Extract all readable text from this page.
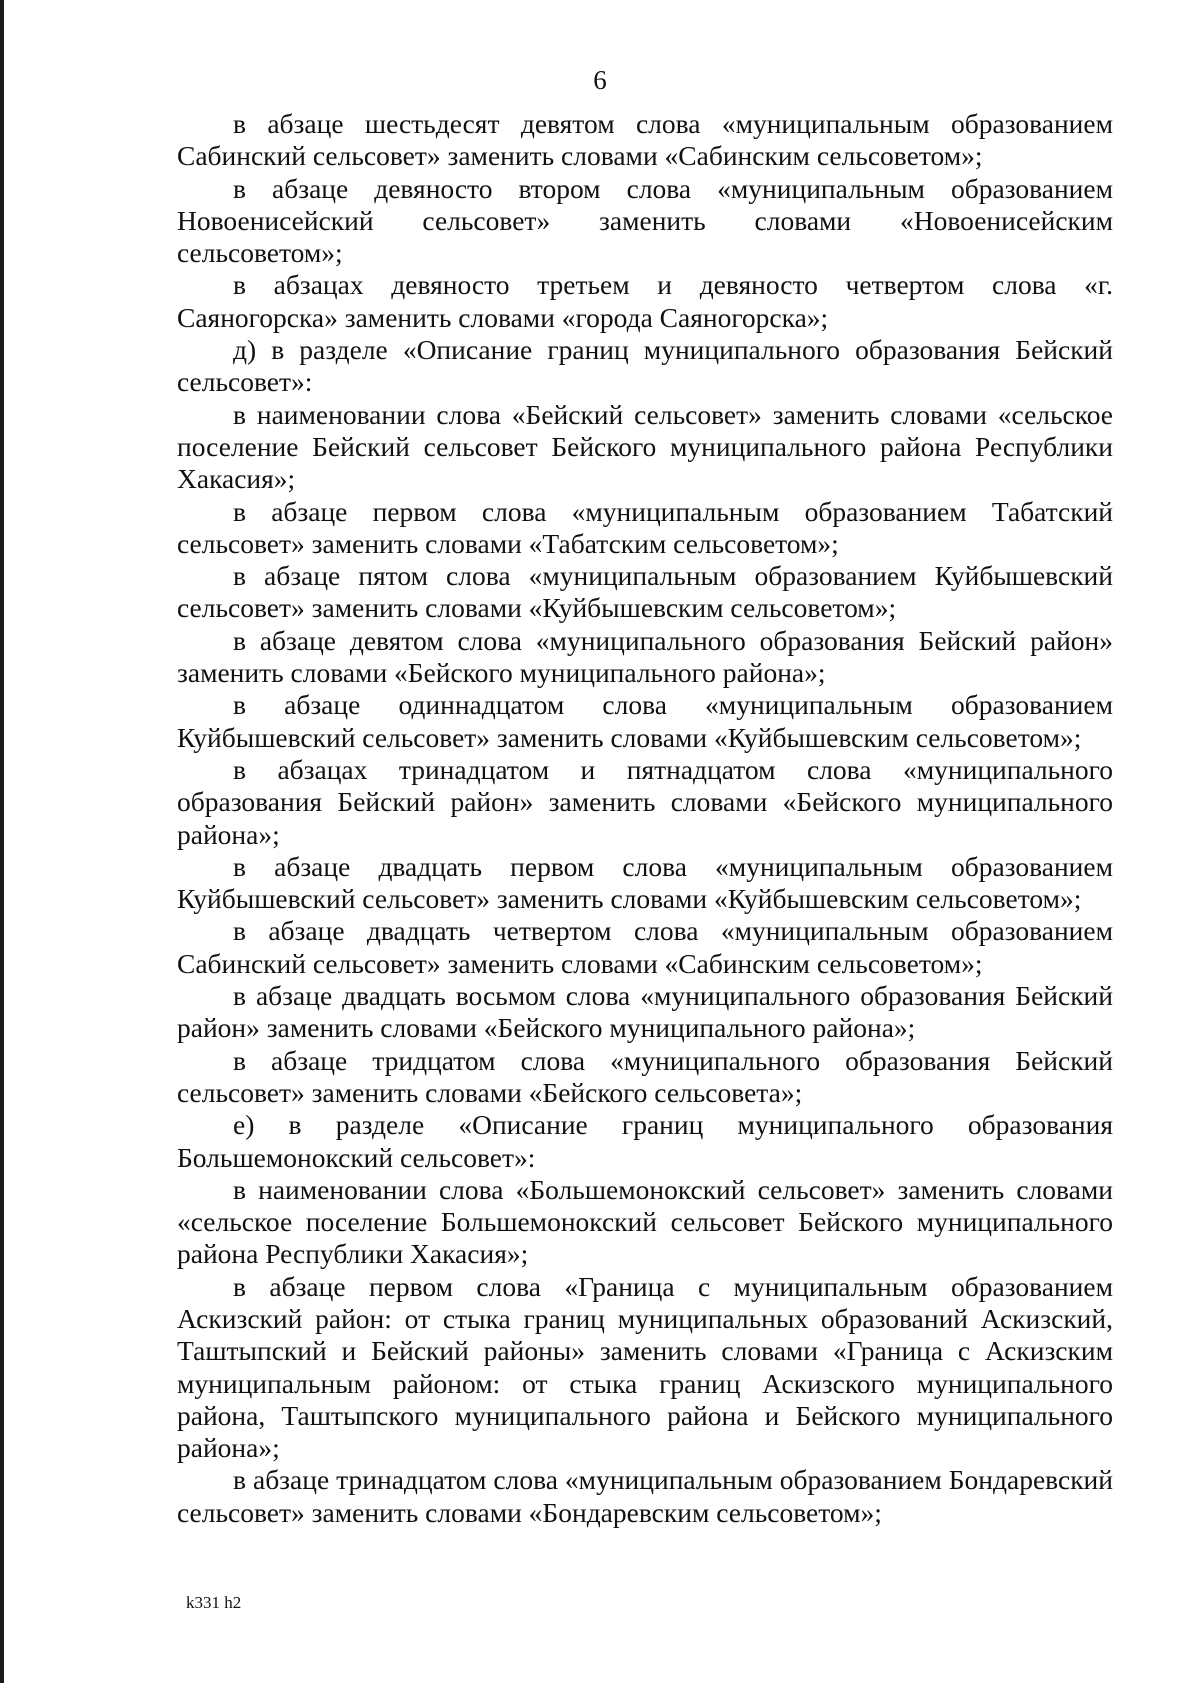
6

в абзаце шестьдесят девятом слова «муниципальным образованием Сабинский сельсовет» заменить словами «Сабинским сельсоветом»;

в абзаце девяносто втором слова «муниципальным образованием Новоенисейский сельсовет» заменить словами «Новоенисейским сельсоветом»;

в абзацах девяносто третьем и девяносто четвертом слова «г. Саяногорска» заменить словами «города Саяногорска»;

д) в разделе «Описание границ муниципального образования Бейский сельсовет»:

в наименовании слова «Бейский сельсовет» заменить словами «сельское поселение Бейский сельсовет Бейского муниципального района Республики Хакасия»;

в абзаце первом слова «муниципальным образованием Табатский сельсовет» заменить словами «Табатским сельсоветом»;

в абзаце пятом слова «муниципальным образованием Куйбышевский сельсовет» заменить словами «Куйбышевским сельсоветом»;

в абзаце девятом слова «муниципального образования Бейский район» заменить словами «Бейского муниципального района»;

в абзаце одиннадцатом слова «муниципальным образованием Куйбышевский сельсовет» заменить словами «Куйбышевским сельсоветом»;

в абзацах тринадцатом и пятнадцатом слова «муниципального образования Бейский район» заменить словами «Бейского муниципального района»;

в абзаце двадцать первом слова «муниципальным образованием Куйбышевский сельсовет» заменить словами «Куйбышевским сельсоветом»;

в абзаце двадцать четвертом слова «муниципальным образованием Сабинский сельсовет» заменить словами «Сабинским сельсоветом»;

в абзаце двадцать восьмом слова «муниципального образования Бейский район» заменить словами «Бейского муниципального района»;

в абзаце тридцатом слова «муниципального образования Бейский сельсовет» заменить словами «Бейского сельсовета»;

е) в разделе «Описание границ муниципального образования Большемонокский сельсовет»:

в наименовании слова «Большемонокский сельсовет» заменить словами «сельское поселение Большемонокский сельсовет Бейского муниципального района Республики Хакасия»;

в абзаце первом слова «Граница с муниципальным образованием Аскизский район: от стыка границ муниципальных образований Аскизский, Таштыпский и Бейский районы» заменить словами «Граница с Аскизским муниципальным районом: от стыка границ Аскизского муниципального района, Таштыпского муниципального района и Бейского муниципального района»;

в абзаце тринадцатом слова «муниципальным образованием Бондаревский сельсовет» заменить словами «Бондаревским сельсоветом»;

k331 h2
